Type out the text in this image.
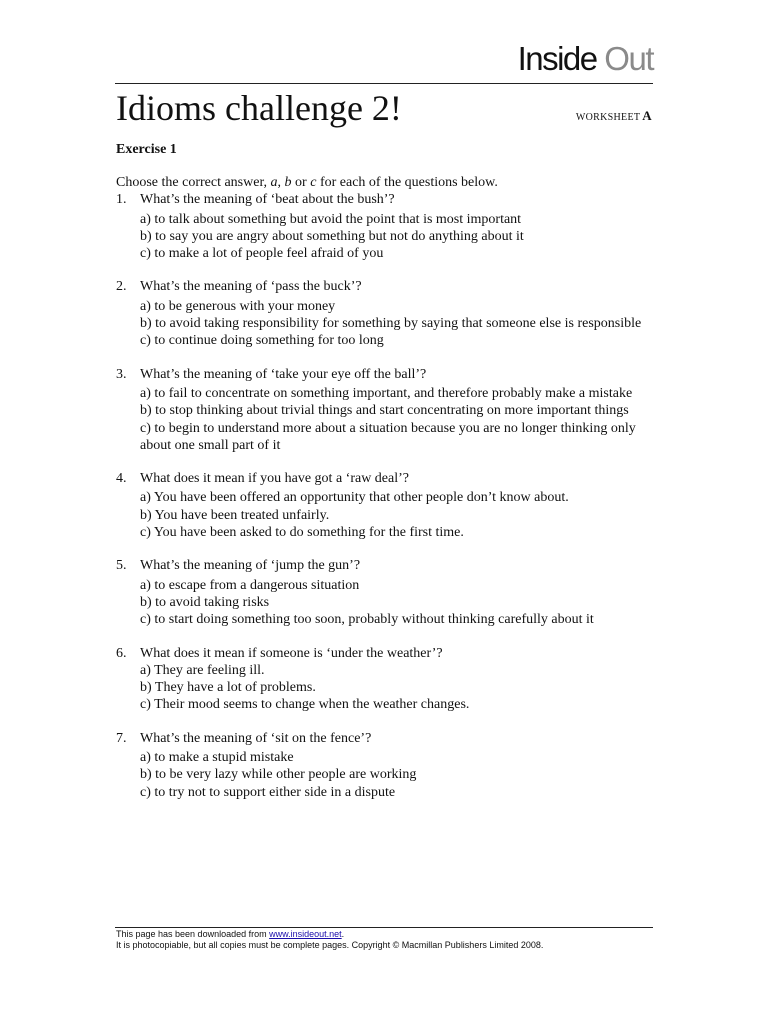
Inside Out
Idioms challenge 2!	WORKSHEET A
Exercise 1
Choose the correct answer, a, b or c for each of the questions below.
1. What’s the meaning of ‘beat about the bush’?
a) to talk about something but avoid the point that is most important
b) to say you are angry about something but not do anything about it
c) to make a lot of people feel afraid of you
2. What’s the meaning of ‘pass the buck’?
a) to be generous with your money
b) to avoid taking responsibility for something by saying that someone else is responsible
c) to continue doing something for too long
3. What’s the meaning of ‘take your eye off the ball’?
a) to fail to concentrate on something important, and therefore probably make a mistake
b) to stop thinking about trivial things and start concentrating on more important things
c) to begin to understand more about a situation because you are no longer thinking only about one small part of it
4. What does it mean if you have got a ‘raw deal’?
a) You have been offered an opportunity that other people don’t know about.
b) You have been treated unfairly.
c) You have been asked to do something for the first time.
5. What’s the meaning of ‘jump the gun’?
a) to escape from a dangerous situation
b) to avoid taking risks
c) to start doing something too soon, probably without thinking carefully about it
6. What does it mean if someone is ‘under the weather’?
a) They are feeling ill.
b) They have a lot of problems.
c) Their mood seems to change when the weather changes.
7. What’s the meaning of ‘sit on the fence’?
a) to make a stupid mistake
b) to be very lazy while other people are working
c) to try not to support either side in a dispute
This page has been downloaded from www.insideout.net.
It is photocopiable, but all copies must be complete pages. Copyright © Macmillan Publishers Limited 2008.
